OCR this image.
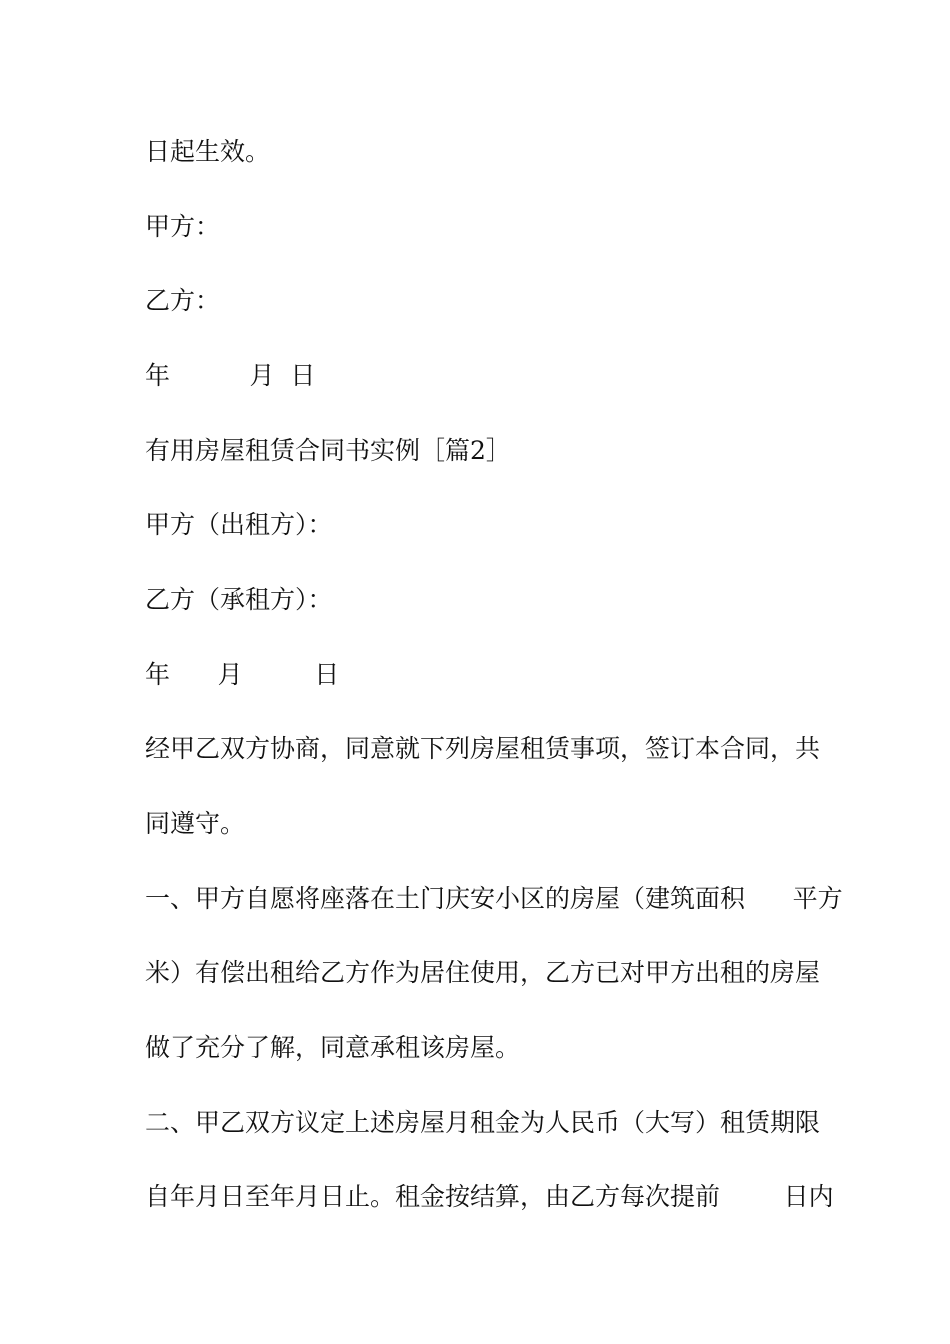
日起生效。
甲方：
乙方：
年          月  日
有用房屋租赁合同书实例［篇2］
甲方（出租方）：
乙方（承租方）：
年      月         日
经甲乙双方协商，同意就下列房屋租赁事项，签订本合同，共
同遵守。
一、甲方自愿将座落在土门庆安小区的房屋（建筑面积      平方
米）有偿出租给乙方作为居住使用，乙方已对甲方出租的房屋
做了充分了解，同意承租该房屋。
二、甲乙双方议定上述房屋月租金为人民币（大写）租赁期限
自年月日至年月日止。租金按结算，由乙方每次提前        日内
